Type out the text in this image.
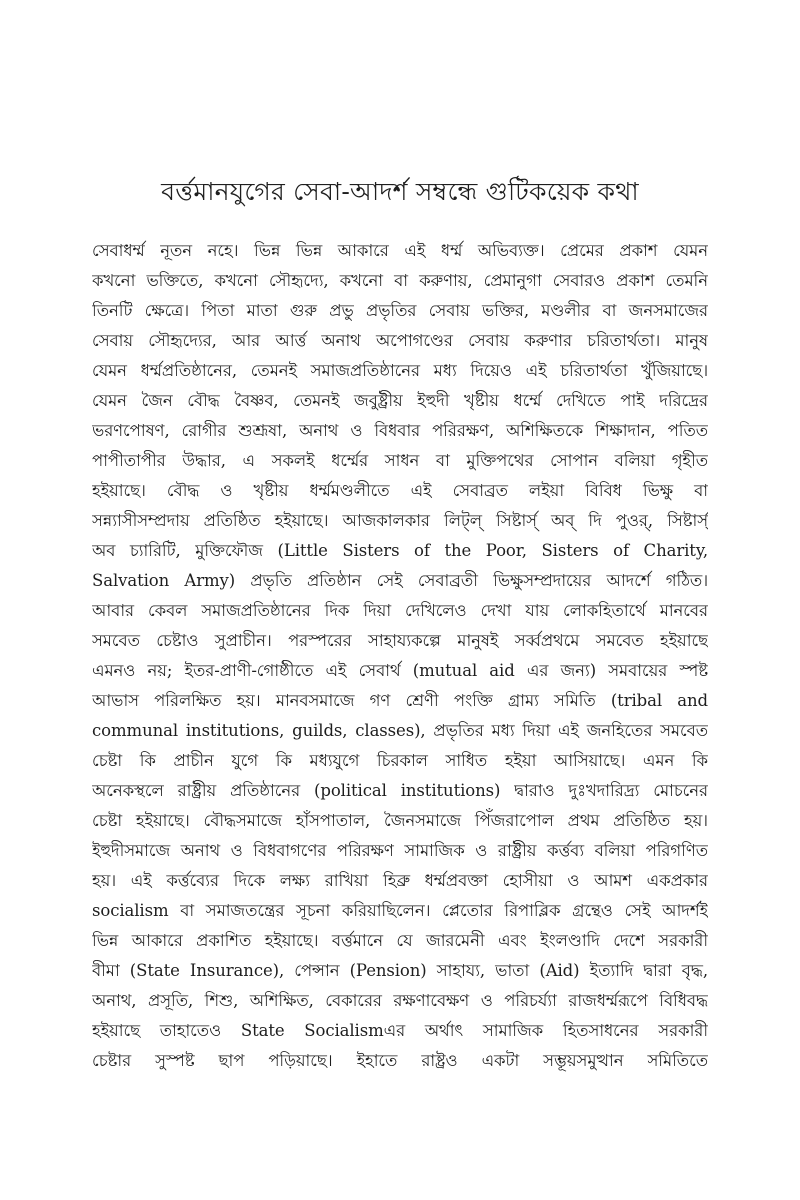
বর্ত্তমানযুগের সেবা-আদর্শ সম্বন্ধে গুটিকয়েক কথা
সেবাধর্ম্ম নূতন নহে। ভিন্ন ভিন্ন আকারে এই ধর্ম্ম অভিব্যক্ত। প্রেমের প্রকাশ যেমন
কখনো ভক্তিতে, কখনো সৌহৃদ্যে, কখনো বা করুণায়, প্রেমানুগা সেবারও প্রকাশ তেমনি
তিনটি ক্ষেত্রে। পিতা মাতা গুরু প্রভু প্রভৃতির সেবায় ভক্তির, মণ্ডলীর বা জনসমাজের
সেবায় সৌহৃদ্যের, আর আর্ত্ত অনাথ অপোগণ্ডের সেবায় করুণার চরিতার্থতা। মানুষ
যেমন ধর্ম্মপ্রতিষ্ঠানের, তেমনই সমাজপ্রতিষ্ঠানের মধ্য দিয়েও এই চরিতার্থতা খুঁজিয়াছে।
যেমন জৈন বৌদ্ধ বৈষ্ণব, তেমনই জবুষ্ট্রীয় ইহুদী খৃষ্টীয় ধর্ম্মে দেখিতে পাই দরিদ্রের
ভরণপোষণ, রোগীর শুশ্রূষা, অনাথ ও বিধবার পরিরক্ষণ, অশিক্ষিতকে শিক্ষাদান, পতিত
পাপীতাপীর উদ্ধার, এ সকলই ধর্ম্মের সাধন বা মুক্তিপথের সোপান বলিয়া গৃহীত
হইয়াছে। বৌদ্ধ ও খৃষ্টীয় ধর্ম্মমণ্ডলীতে এই সেবাব্রত লইয়া বিবিধ ভিক্ষু বা
সন্ন্যাসীসম্প্রদায় প্রতিষ্ঠিত হইয়াছে। আজকালকার লিট্‌ল্ সিষ্টার্স্ অব্ দি পুওর্, সিষ্টার্স্
অব চ্যারিটি, মুক্তিফৌজ (Little Sisters of the Poor, Sisters of Charity,
Salvation Army) প্রভৃতি প্রতিষ্ঠান সেই সেবাব্রতী ভিক্ষুসম্প্রদায়ের আদর্শে গঠিত।
আবার কেবল সমাজপ্রতিষ্ঠানের দিক দিয়া দেখিলেও দেখা যায় লোকহিতার্থে মানবের
সমবেত চেষ্টাও সুপ্রাচীন। পরস্পরের সাহায্যকল্পে মানুষই সর্ব্বপ্রথমে সমবেত হইয়াছে
এমনও নয়; ইতর-প্রাণী-গোষ্ঠীতে এই সেবার্থ (mutual aid এর জন্য) সমবায়ের স্পষ্ট
আভাস পরিলক্ষিত হয়। মানবসমাজে গণ শ্রেণী পংক্তি গ্রাম্য সমিতি (tribal and
communal institutions, guilds, classes), প্রভৃতির মধ্য দিয়া এই জনহিতের সমবেত
চেষ্টা কি প্রাচীন যুগে কি মধ্যযুগে চিরকাল সাধিত হইয়া আসিয়াছে। এমন কি
অনেকস্থলে রাষ্ট্রীয় প্রতিষ্ঠানের (political institutions) দ্বারাও দুঃখদারিদ্র্য মোচনের
চেষ্টা হইয়াছে। বৌদ্ধসমাজে হাঁসপাতাল, জৈনসমাজে পিঁজরাপোল প্রথম প্রতিষ্ঠিত হয়।
ইহুদীসমাজে অনাথ ও বিধবাগণের পরিরক্ষণ সামাজিক ও রাষ্ট্রীয় কর্ত্তব্য বলিয়া পরিগণিত
হয়। এই কর্ত্তব্যের দিকে লক্ষ্য রাখিয়া হিব্রু ধর্ম্মপ্রবক্তা হোসীয়া ও আমশ একপ্রকার
socialism বা সমাজতন্ত্রের সূচনা করিয়াছিলেন। প্লেতোর রিপাব্লিক গ্রন্থেও সেই আদর্শই
ভিন্ন আকারে প্রকাশিত হইয়াছে। বর্ত্তমানে যে জারমেনী এবং ইংলণ্ডাদি দেশে সরকারী
বীমা (State Insurance), পেন্সান (Pension) সাহায্য, ভাতা (Aid) ইত্যাদি দ্বারা বৃদ্ধ,
অনাথ, প্রসূতি, শিশু, অশিক্ষিত, বেকারের রক্ষণাবেক্ষণ ও পরিচর্য্যা রাজধর্ম্মরূপে বিধিবদ্ধ
হইয়াছে তাহাতেও State Socialismএর অর্থাৎ সামাজিক হিতসাধনের সরকারী
চেষ্টার সুস্পষ্ট ছাপ পড়িয়াছে। ইহাতে রাষ্ট্রও একটা সম্ভূয়সমুত্থান সমিতিতে
